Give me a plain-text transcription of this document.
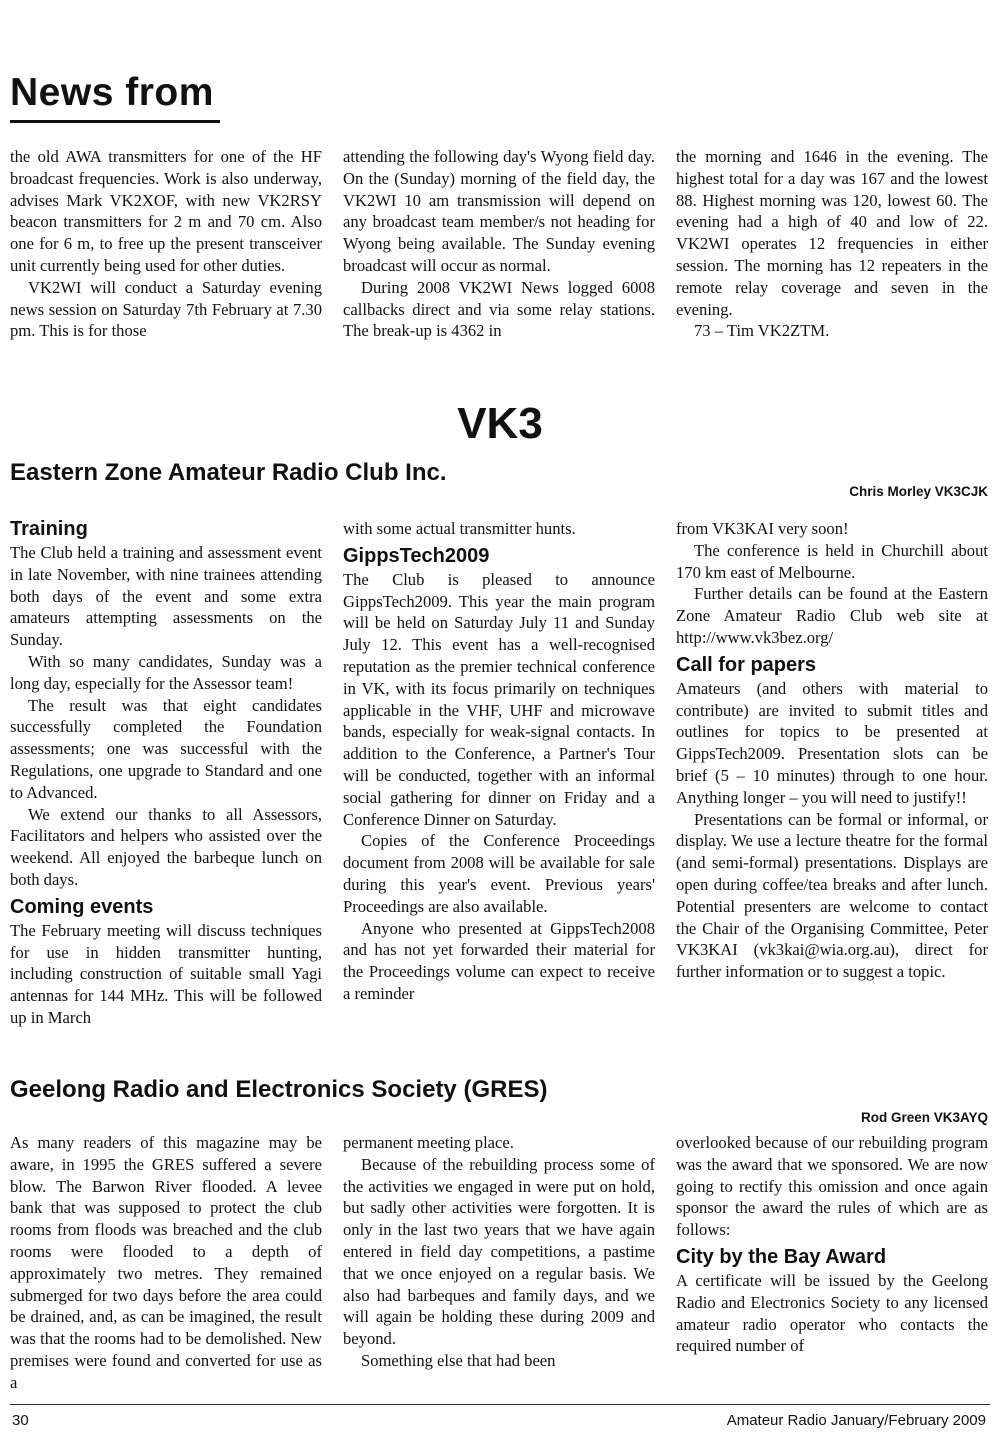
News from

the old AWA transmitters for one of the HF broadcast frequencies. Work is also underway, advises Mark VK2XOF, with new VK2RSY beacon transmitters for 2 m and 70 cm. Also one for 6 m, to free up the present transceiver unit currently being used for other duties.

VK2WI will conduct a Saturday evening news session on Saturday 7th February at 7.30 pm. This is for those

attending the following day's Wyong field day. On the (Sunday) morning of the field day, the VK2WI 10 am transmission will depend on any broadcast team member/s not heading for Wyong being available. The Sunday evening broadcast will occur as normal.

During 2008 VK2WI News logged 6008 callbacks direct and via some relay stations. The break-up is 4362 in

the morning and 1646 in the evening. The highest total for a day was 167 and the lowest 88. Highest morning was 120, lowest 60. The evening had a high of 40 and low of 22. VK2WI operates 12 frequencies in either session. The morning has 12 repeaters in the remote relay coverage and seven in the evening.

73 – Tim VK2ZTM.

VK3
Eastern Zone Amateur Radio Club Inc.
Chris Morley VK3CJK
Training

The Club held a training and assessment event in late November, with nine trainees attending both days of the event and some extra amateurs attempting assessments on the Sunday.

With so many candidates, Sunday was a long day, especially for the Assessor team!

The result was that eight candidates successfully completed the Foundation assessments; one was successful with the Regulations, one upgrade to Standard and one to Advanced.

We extend our thanks to all Assessors, Facilitators and helpers who assisted over the weekend. All enjoyed the barbeque lunch on both days.

Coming events

The February meeting will discuss techniques for use in hidden transmitter hunting, including construction of suitable small Yagi antennas for 144 MHz. This will be followed up in March

with some actual transmitter hunts.

GippsTech2009

The Club is pleased to announce GippsTech2009. This year the main program will be held on Saturday July 11 and Sunday July 12. This event has a well-recognised reputation as the premier technical conference in VK, with its focus primarily on techniques applicable in the VHF, UHF and microwave bands, especially for weak-signal contacts. In addition to the Conference, a Partner's Tour will be conducted, together with an informal social gathering for dinner on Friday and a Conference Dinner on Saturday.

Copies of the Conference Proceedings document from 2008 will be available for sale during this year's event. Previous years' Proceedings are also available.

Anyone who presented at GippsTech2008 and has not yet forwarded their material for the Proceedings volume can expect to receive a reminder

from VK3KAI very soon!

The conference is held in Churchill about 170 km east of Melbourne.

Further details can be found at the Eastern Zone Amateur Radio Club web site at http://www.vk3bez.org/

Call for papers

Amateurs (and others with material to contribute) are invited to submit titles and outlines for topics to be presented at GippsTech2009. Presentation slots can be brief (5 – 10 minutes) through to one hour. Anything longer – you will need to justify!!

Presentations can be formal or informal, or display. We use a lecture theatre for the formal (and semi-formal) presentations. Displays are open during coffee/tea breaks and after lunch. Potential presenters are welcome to contact the Chair of the Organising Committee, Peter VK3KAI (vk3kai@wia.org.au), direct for further information or to suggest a topic.

Geelong Radio and Electronics Society (GRES)
Rod Green VK3AYQ

As many readers of this magazine may be aware, in 1995 the GRES suffered a severe blow. The Barwon River flooded. A levee bank that was supposed to protect the club rooms from floods was breached and the club rooms were flooded to a depth of approximately two metres. They remained submerged for two days before the area could be drained, and, as can be imagined, the result was that the rooms had to be demolished. New premises were found and converted for use as a

permanent meeting place.

Because of the rebuilding process some of the activities we engaged in were put on hold, but sadly other activities were forgotten. It is only in the last two years that we have again entered in field day competitions, a pastime that we once enjoyed on a regular basis. We also had barbeques and family days, and we will again be holding these during 2009 and beyond.

Something else that had been

overlooked because of our rebuilding program was the award that we sponsored. We are now going to rectify this omission and once again sponsor the award the rules of which are as follows:

City by the Bay Award

A certificate will be issued by the Geelong Radio and Electronics Society to any licensed amateur radio operator who contacts the required number of

30	Amateur Radio January/February 2009
